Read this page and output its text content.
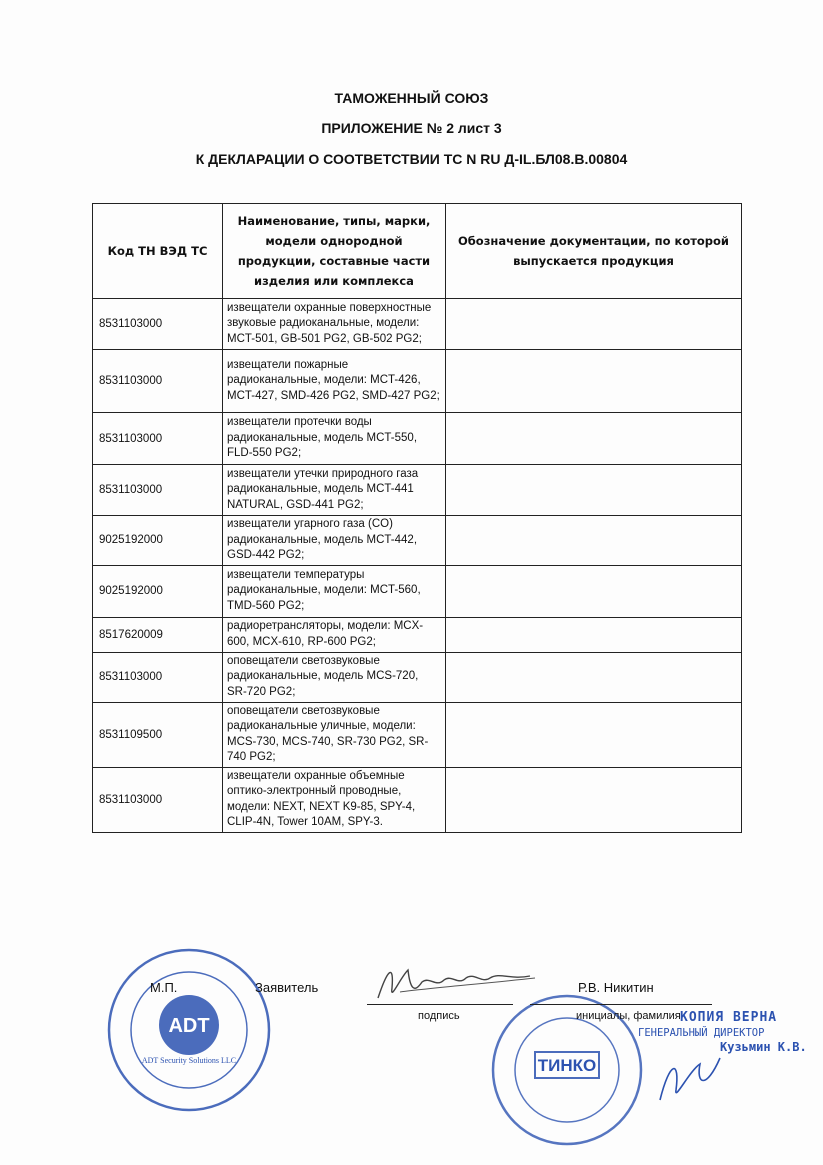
ТАМОЖЕННЫЙ СОЮЗ
ПРИЛОЖЕНИЕ № 2 лист 3
К ДЕКЛАРАЦИИ О СООТВЕТСТВИИ ТС N RU Д-IL.БЛ08.В.00804
Код ТН ВЭД ТС	Наименование, типы, марки, модели однородной продукции, составные части изделия или комплекса	Обозначение документации, по которой выпускается продукция
8531103000	извещатели охранные поверхностные звуковые радиоканальные, модели: MCT-501, GB-501 PG2, GB-502 PG2;	
8531103000	извещатели пожарные радиоканальные, модели: MCT-426, MCT-427, SMD-426 PG2, SMD-427 PG2;	
8531103000	извещатели протечки воды радиоканальные, модель MCT-550, FLD-550 PG2;	
8531103000	извещатели утечки природного газа радиоканальные, модель MCT-441 NATURAL, GSD-441 PG2;	
9025192000	извещатели угарного газа (CO) радиоканальные, модель MCT-442, GSD-442 PG2;	
9025192000	извещатели температуры радиоканальные, модели: MCT-560, TMD-560 PG2;	
8517620009	радиоретрансляторы, модели: MCX-600, MCX-610, RP-600 PG2;	
8531103000	оповещатели светозвуковые радиоканальные, модель MCS-720, SR-720 PG2;	
8531109500	оповещатели светозвуковые радиоканальные уличные, модели: MCS-730, MCS-740, SR-730 PG2, SR-740 PG2;	
8531103000	извещатели охранные объемные оптико-электронный проводные, модели: NEXT, NEXT K9-85, SPY-4, CLIP-4N, Tower 10AM, SPY-3.	
ADT
ADT Security Solutions LLC	ТИНКО
М.П.	Заявитель	Р.В. Никитин
подпись	инициалы, фамилия КОПИЯ ВЕРНА
ГЕНЕРАЛЬНЫЙ ДИРЕКТОР
Кузьмин К.В.
